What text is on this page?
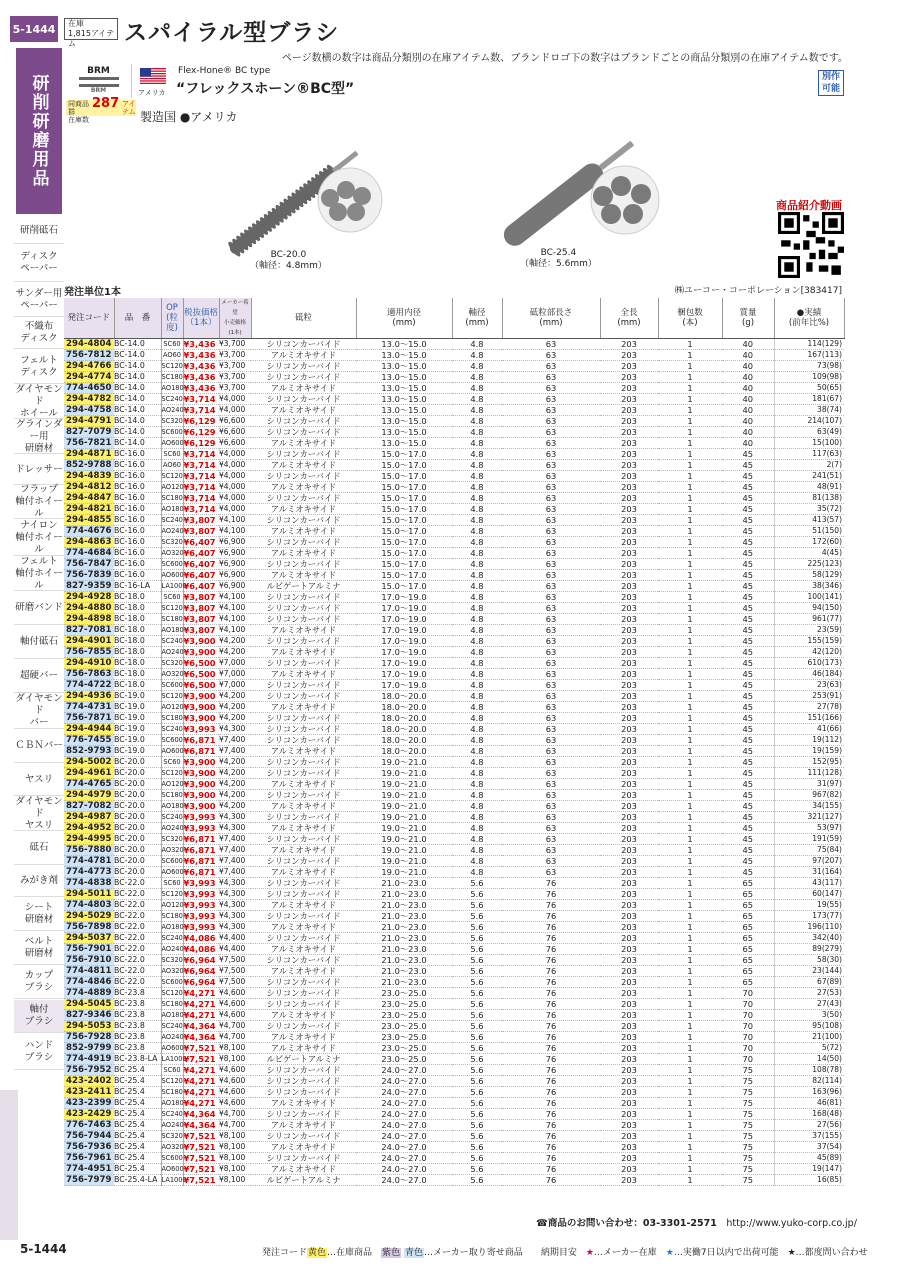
5-1444	在庫
1,815アイテム	スパイラル型ブラシ
ページ数横の数字は商品分類別の在庫アイテム数、ブランドロゴ下の数字はブランドごとの商品分類別の在庫アイテム数です。
研削研磨用品
研削砥石
ディスク
ペーパー
サンダー用
ペーパー
不織布
ディスク
フェルト
ディスク
ダイヤモンド
ホイール
グラインダー用
研磨材
ドレッサー
フラップ
軸付ホイール
ナイロン
軸付ホイール
フェルト
軸付ホイール
研磨バンド
軸付砥石
超硬バー
ダイヤモンド
バー
ＣＢＮバー
ヤスリ
ダイヤモンド
ヤスリ
砥石
みがき剤
シート
研磨材
ベルト
研磨材
カップ
ブラシ
軸付
ブラシ
ハンド
ブラシ
BRM
BRM
同商品群
在庫数
287 アイテム
アメリカ
Flex-Hone® BC type
“フレックスホーン®BC型”
製造国 ●アメリカ
別作
可能
BC-20.0
（軸径：4.8mm）
BC-25.4
（軸径：5.6mm）
商品紹介動画
発注単位1本	㈱ユーコー・コーポレーション[383417]
発注コード	品　番	OP
(粒度)	税抜価格
（1本）	メーカー希望
小売価格
(1本)	砥粒	適用内径
(mm)	軸径
(mm)	砥粒部長さ
(mm)	全長
(mm)	梱包数
(本)	質量
(g)	●実績
(前年比%)
294-4804	BC-14.0	SC60	¥3,436	¥3,700	シリコンカーバイド	13.0～15.0	4.8	63	203	1	40	114(129)
756-7812	BC-14.0	AO60	¥3,436	¥3,700	アルミオキサイド	13.0～15.0	4.8	63	203	1	40	167(113)
294-4766	BC-14.0	SC120	¥3,436	¥3,700	シリコンカーバイド	13.0～15.0	4.8	63	203	1	40	73(98)
294-4774	BC-14.0	SC180	¥3,436	¥3,700	シリコンカーバイド	13.0～15.0	4.8	63	203	1	40	109(98)
774-4650	BC-14.0	AO180	¥3,436	¥3,700	アルミオキサイド	13.0～15.0	4.8	63	203	1	40	50(65)
294-4782	BC-14.0	SC240	¥3,714	¥4,000	シリコンカーバイド	13.0～15.0	4.8	63	203	1	40	181(67)
294-4758	BC-14.0	AO240	¥3,714	¥4,000	アルミオキサイド	13.0～15.0	4.8	63	203	1	40	38(74)
294-4791	BC-14.0	SC320	¥6,129	¥6,600	シリコンカーバイド	13.0～15.0	4.8	63	203	1	40	214(107)
827-7079	BC-14.0	SC600	¥6,129	¥6,600	シリコンカーバイド	13.0～15.0	4.8	63	203	1	40	63(49)
756-7821	BC-14.0	AO600	¥6,129	¥6,600	アルミオキサイド	13.0～15.0	4.8	63	203	1	40	15(100)
294-4871	BC-16.0	SC60	¥3,714	¥4,000	シリコンカーバイド	15.0～17.0	4.8	63	203	1	45	117(63)
852-9788	BC-16.0	AO60	¥3,714	¥4,000	アルミオキサイド	15.0～17.0	4.8	63	203	1	45	2(7)
294-4839	BC-16.0	SC120	¥3,714	¥4,000	シリコンカーバイド	15.0～17.0	4.8	63	203	1	45	241(51)
294-4812	BC-16.0	AO120	¥3,714	¥4,000	アルミオキサイド	15.0～17.0	4.8	63	203	1	45	48(91)
294-4847	BC-16.0	SC180	¥3,714	¥4,000	シリコンカーバイド	15.0～17.0	4.8	63	203	1	45	81(138)
294-4821	BC-16.0	AO180	¥3,714	¥4,000	アルミオキサイド	15.0～17.0	4.8	63	203	1	45	35(72)
294-4855	BC-16.0	SC240	¥3,807	¥4,100	シリコンカーバイド	15.0～17.0	4.8	63	203	1	45	413(57)
774-4676	BC-16.0	AO240	¥3,807	¥4,100	アルミオキサイド	15.0～17.0	4.8	63	203	1	45	51(150)
294-4863	BC-16.0	SC320	¥6,407	¥6,900	シリコンカーバイド	15.0～17.0	4.8	63	203	1	45	172(60)
774-4684	BC-16.0	AO320	¥6,407	¥6,900	アルミオキサイド	15.0～17.0	4.8	63	203	1	45	4(45)
756-7847	BC-16.0	SC600	¥6,407	¥6,900	シリコンカーバイド	15.0～17.0	4.8	63	203	1	45	225(123)
756-7839	BC-16.0	AO600	¥6,407	¥6,900	アルミオキサイド	15.0～17.0	4.8	63	203	1	45	58(129)
827-9359	BC-16-LA	LA1000	¥6,407	¥6,900	ルビゲートアルミナ	15.0～17.0	4.8	63	203	1	45	38(346)
294-4928	BC-18.0	SC60	¥3,807	¥4,100	シリコンカーバイド	17.0～19.0	4.8	63	203	1	45	100(141)
294-4880	BC-18.0	SC120	¥3,807	¥4,100	シリコンカーバイド	17.0～19.0	4.8	63	203	1	45	94(150)
294-4898	BC-18.0	SC180	¥3,807	¥4,100	シリコンカーバイド	17.0～19.0	4.8	63	203	1	45	961(77)
827-7081	BC-18.0	AO180	¥3,807	¥4,100	アルミオキサイド	17.0～19.0	4.8	63	203	1	45	23(59)
294-4901	BC-18.0	SC240	¥3,900	¥4,200	シリコンカーバイド	17.0～19.0	4.8	63	203	1	45	155(159)
756-7855	BC-18.0	AO240	¥3,900	¥4,200	アルミオキサイド	17.0～19.0	4.8	63	203	1	45	42(120)
294-4910	BC-18.0	SC320	¥6,500	¥7,000	シリコンカーバイド	17.0～19.0	4.8	63	203	1	45	610(173)
756-7863	BC-18.0	AO320	¥6,500	¥7,000	アルミオキサイド	17.0～19.0	4.8	63	203	1	45	46(184)
774-4722	BC-18.0	SC600	¥6,500	¥7,000	シリコンカーバイド	17.0～19.0	4.8	63	203	1	45	23(63)
294-4936	BC-19.0	SC120	¥3,900	¥4,200	シリコンカーバイド	18.0～20.0	4.8	63	203	1	45	253(91)
774-4731	BC-19.0	AO120	¥3,900	¥4,200	アルミオキサイド	18.0～20.0	4.8	63	203	1	45	27(78)
756-7871	BC-19.0	SC180	¥3,900	¥4,200	シリコンカーバイド	18.0～20.0	4.8	63	203	1	45	151(166)
294-4944	BC-19.0	SC240	¥3,993	¥4,300	シリコンカーバイド	18.0～20.0	4.8	63	203	1	45	41(66)
776-7455	BC-19.0	SC600	¥6,871	¥7,400	シリコンカーバイド	18.0～20.0	4.8	63	203	1	45	19(112)
852-9793	BC-19.0	AO600	¥6,871	¥7,400	アルミオキサイド	18.0～20.0	4.8	63	203	1	45	19(159)
294-5002	BC-20.0	SC60	¥3,900	¥4,200	シリコンカーバイド	19.0～21.0	4.8	63	203	1	45	152(95)
294-4961	BC-20.0	SC120	¥3,900	¥4,200	シリコンカーバイド	19.0～21.0	4.8	63	203	1	45	111(128)
774-4765	BC-20.0	AO120	¥3,900	¥4,200	アルミオキサイド	19.0～21.0	4.8	63	203	1	45	31(97)
294-4979	BC-20.0	SC180	¥3,900	¥4,200	シリコンカーバイド	19.0～21.0	4.8	63	203	1	45	967(82)
827-7082	BC-20.0	AO180	¥3,900	¥4,200	アルミオキサイド	19.0～21.0	4.8	63	203	1	45	34(155)
294-4987	BC-20.0	SC240	¥3,993	¥4,300	シリコンカーバイド	19.0～21.0	4.8	63	203	1	45	321(127)
294-4952	BC-20.0	AO240	¥3,993	¥4,300	アルミオキサイド	19.0～21.0	4.8	63	203	1	45	53(97)
294-4995	BC-20.0	SC320	¥6,871	¥7,400	シリコンカーバイド	19.0～21.0	4.8	63	203	1	45	191(59)
756-7880	BC-20.0	AO320	¥6,871	¥7,400	アルミオキサイド	19.0～21.0	4.8	63	203	1	45	75(84)
774-4781	BC-20.0	SC600	¥6,871	¥7,400	シリコンカーバイド	19.0～21.0	4.8	63	203	1	45	97(207)
774-4773	BC-20.0	AO600	¥6,871	¥7,400	アルミオキサイド	19.0～21.0	4.8	63	203	1	45	31(164)
774-4838	BC-22.0	SC60	¥3,993	¥4,300	シリコンカーバイド	21.0～23.0	5.6	76	203	1	65	43(117)
294-5011	BC-22.0	SC120	¥3,993	¥4,300	シリコンカーバイド	21.0～23.0	5.6	76	203	1	65	60(147)
774-4803	BC-22.0	AO120	¥3,993	¥4,300	アルミオキサイド	21.0～23.0	5.6	76	203	1	65	19(55)
294-5029	BC-22.0	SC180	¥3,993	¥4,300	シリコンカーバイド	21.0～23.0	5.6	76	203	1	65	173(77)
756-7898	BC-22.0	AO180	¥3,993	¥4,300	アルミオキサイド	21.0～23.0	5.6	76	203	1	65	196(110)
294-5037	BC-22.0	SC240	¥4,086	¥4,400	シリコンカーバイド	21.0～23.0	5.6	76	203	1	65	342(40)
756-7901	BC-22.0	AO240	¥4,086	¥4,400	アルミオキサイド	21.0～23.0	5.6	76	203	1	65	89(279)
756-7910	BC-22.0	SC320	¥6,964	¥7,500	シリコンカーバイド	21.0～23.0	5.6	76	203	1	65	58(30)
774-4811	BC-22.0	AO320	¥6,964	¥7,500	アルミオキサイド	21.0～23.0	5.6	76	203	1	65	23(144)
774-4846	BC-22.0	SC600	¥6,964	¥7,500	シリコンカーバイド	21.0～23.0	5.6	76	203	1	65	67(89)
774-4889	BC-23.8	SC120	¥4,271	¥4,600	シリコンカーバイド	23.0～25.0	5.6	76	203	1	70	27(53)
294-5045	BC-23.8	SC180	¥4,271	¥4,600	シリコンカーバイド	23.0～25.0	5.6	76	203	1	70	27(43)
827-9346	BC-23.8	AO180	¥4,271	¥4,600	アルミオキサイド	23.0～25.0	5.6	76	203	1	70	3(50)
294-5053	BC-23.8	SC240	¥4,364	¥4,700	シリコンカーバイド	23.0～25.0	5.6	76	203	1	70	95(108)
756-7928	BC-23.8	AO240	¥4,364	¥4,700	アルミオキサイド	23.0～25.0	5.6	76	203	1	70	21(100)
852-9799	BC-23.8	AO600	¥7,521	¥8,100	アルミオキサイド	23.0～25.0	5.6	76	203	1	70	5(72)
774-4919	BC-23.8-LA	LA1000	¥7,521	¥8,100	ルビゲートアルミナ	23.0～25.0	5.6	76	203	1	70	14(50)
756-7952	BC-25.4	SC60	¥4,271	¥4,600	シリコンカーバイド	24.0～27.0	5.6	76	203	1	75	108(78)
423-2402	BC-25.4	SC120	¥4,271	¥4,600	シリコンカーバイド	24.0～27.0	5.6	76	203	1	75	82(114)
423-2411	BC-25.4	SC180	¥4,271	¥4,600	シリコンカーバイド	24.0～27.0	5.6	76	203	1	75	163(96)
423-2399	BC-25.4	AO180	¥4,271	¥4,600	アルミオキサイド	24.0～27.0	5.6	76	203	1	75	46(81)
423-2429	BC-25.4	SC240	¥4,364	¥4,700	シリコンカーバイド	24.0～27.0	5.6	76	203	1	75	168(48)
776-7463	BC-25.4	AO240	¥4,364	¥4,700	アルミオキサイド	24.0～27.0	5.6	76	203	1	75	27(56)
756-7944	BC-25.4	SC320	¥7,521	¥8,100	シリコンカーバイド	24.0～27.0	5.6	76	203	1	75	37(155)
756-7936	BC-25.4	AO320	¥7,521	¥8,100	アルミオキサイド	24.0～27.0	5.6	76	203	1	75	37(54)
756-7961	BC-25.4	SC600	¥7,521	¥8,100	シリコンカーバイド	24.0～27.0	5.6	76	203	1	75	45(89)
774-4951	BC-25.4	AO600	¥7,521	¥8,100	アルミオキサイド	24.0～27.0	5.6	76	203	1	75	19(147)
756-7979	BC-25.4-LA	LA1000	¥7,521	¥8,100	ルビゲートアルミナ	24.0～27.0	5.6	76	203	1	75	16(85)
☎商品のお問い合わせ：03-3301-2571　 http://www.yuko-corp.co.jp/
5-1444	発注コード黄色…在庫商品　 紫色 青色…メーカー取り寄せ商品　　 納期目安　 ★…メーカー在庫　 ★…実働7日以内で出荷可能　 ★…都度問い合わせ
